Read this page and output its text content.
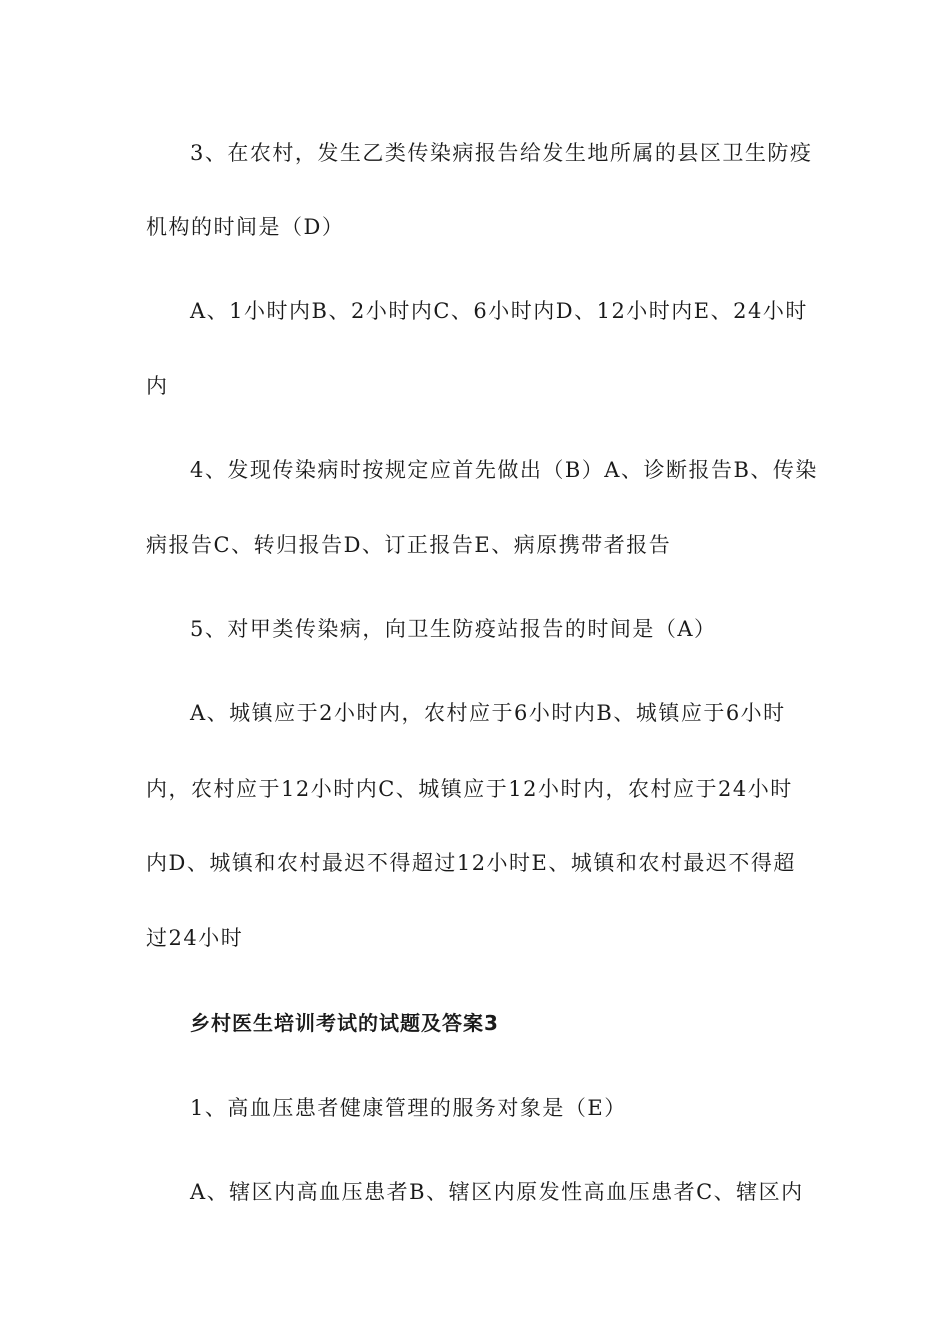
3、在农村，发生乙类传染病报告给发生地所属的县区卫生防疫
机构的时间是（D）
A、1小时内B、2小时内C、6小时内D、12小时内E、24小时
内
4、发现传染病时按规定应首先做出（B）A、诊断报告B、传染
病报告C、转归报告D、订正报告E、病原携带者报告
5、对甲类传染病，向卫生防疫站报告的时间是（A）
A、城镇应于2小时内，农村应于6小时内B、城镇应于6小时
内，农村应于12小时内C、城镇应于12小时内，农村应于24小时
内D、城镇和农村最迟不得超过12小时E、城镇和农村最迟不得超
过24小时
乡村医生培训考试的试题及答案3
1、高血压患者健康管理的服务对象是（E）
A、辖区内高血压患者B、辖区内原发性高血压患者C、辖区内
